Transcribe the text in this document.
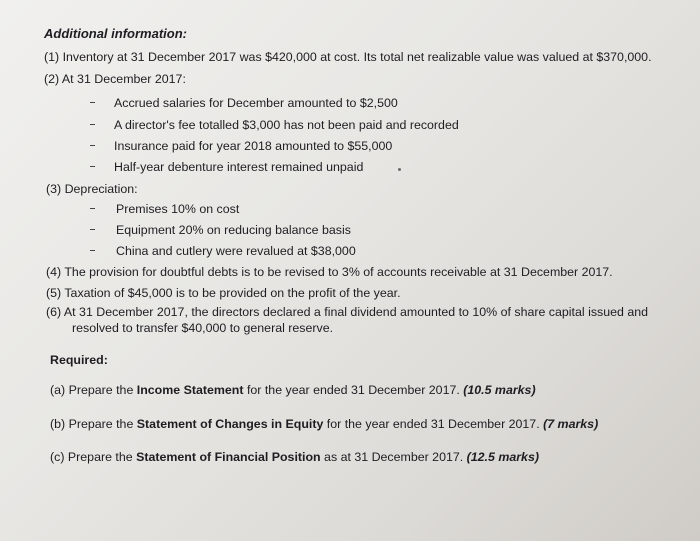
Additional information:
(1) Inventory at 31 December 2017 was $420,000 at cost. Its total net realizable value was valued at $370,000.
(2) At 31 December 2017:
Accrued salaries for December amounted to $2,500
A director's fee totalled $3,000 has not been paid and recorded
Insurance paid for year 2018 amounted to $55,000
Half-year debenture interest remained unpaid
(3) Depreciation:
Premises 10% on cost
Equipment 20% on reducing balance basis
China and cutlery were revalued at $38,000
(4) The provision for doubtful debts is to be revised to 3% of accounts receivable at 31 December 2017.
(5) Taxation of $45,000 is to be provided on the profit of the year.
(6) At 31 December 2017, the directors declared a final dividend amounted to 10% of share capital issued and
resolved to transfer $40,000 to general reserve.
Required:
(a) Prepare the Income Statement for the year ended 31 December 2017. (10.5 marks)
(b) Prepare the Statement of Changes in Equity for the year ended 31 December 2017. (7 marks)
(c) Prepare the Statement of Financial Position as at 31 December 2017. (12.5 marks)
